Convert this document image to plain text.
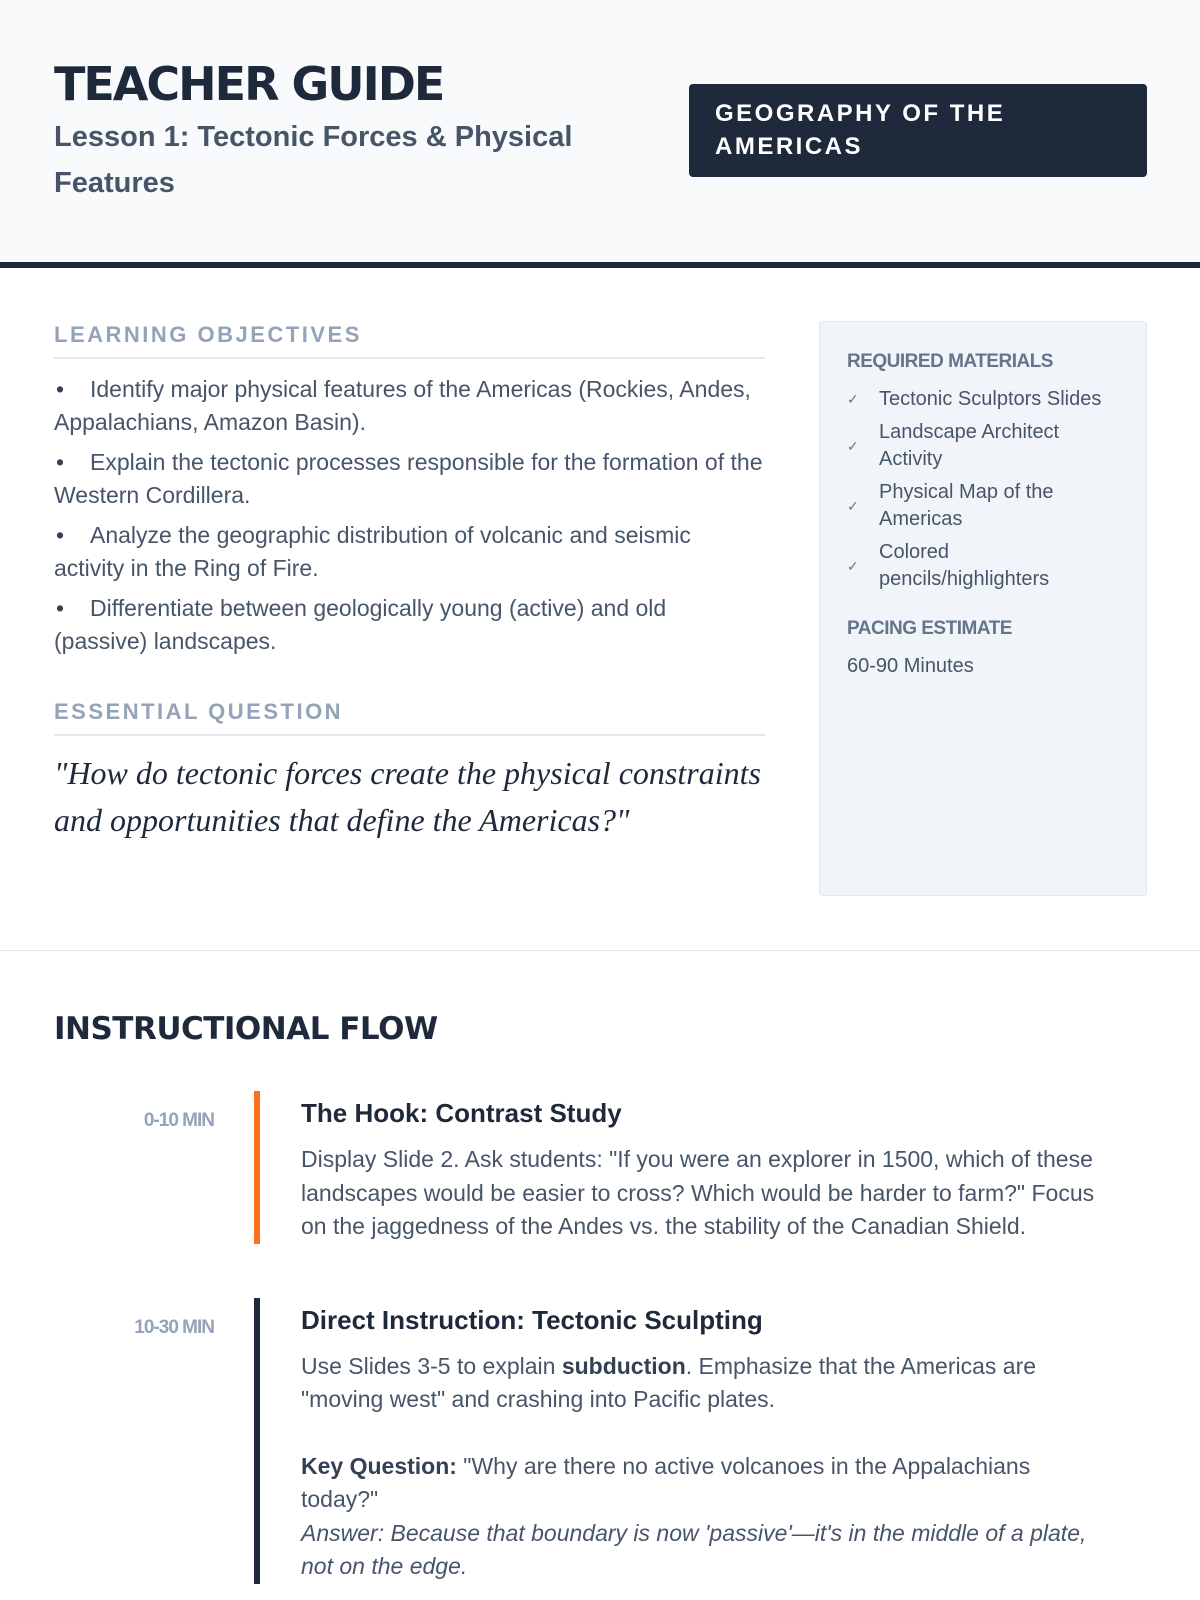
TEACHER GUIDE
Lesson 1: Tectonic Forces & Physical Features
GEOGRAPHY OF THE AMERICAS
LEARNING OBJECTIVES
• Identify major physical features of the Americas (Rockies, Andes, Appalachians, Amazon Basin).
• Explain the tectonic processes responsible for the formation of the Western Cordillera.
• Analyze the geographic distribution of volcanic and seismic activity in the Ring of Fire.
• Differentiate between geologically young (active) and old (passive) landscapes.
ESSENTIAL QUESTION
"How do tectonic forces create the physical constraints and opportunities that define the Americas?"
REQUIRED MATERIALS
✓	Tectonic Sculptors Slides
✓
Landscape Architect Activity
✓
Physical Map of the Americas
✓
Colored pencils/highlighters
PACING ESTIMATE
60-90 Minutes
INSTRUCTIONAL FLOW
0-10 MIN	The Hook: Contrast Study
Display Slide 2. Ask students: "If you were an explorer in 1500, which of these landscapes would be easier to cross? Which would be harder to farm?" Focus on the jaggedness of the Andes vs. the stability of the Canadian Shield.
10-30 MIN	Direct Instruction: Tectonic Sculpting
Use Slides 3-5 to explain subduction. Emphasize that the Americas are "moving west" and crashing into Pacific plates.
Key Question: "Why are there no active volcanoes in the Appalachians today?"
Answer: Because that boundary is now 'passive'—it's in the middle of a plate, not on the edge.
